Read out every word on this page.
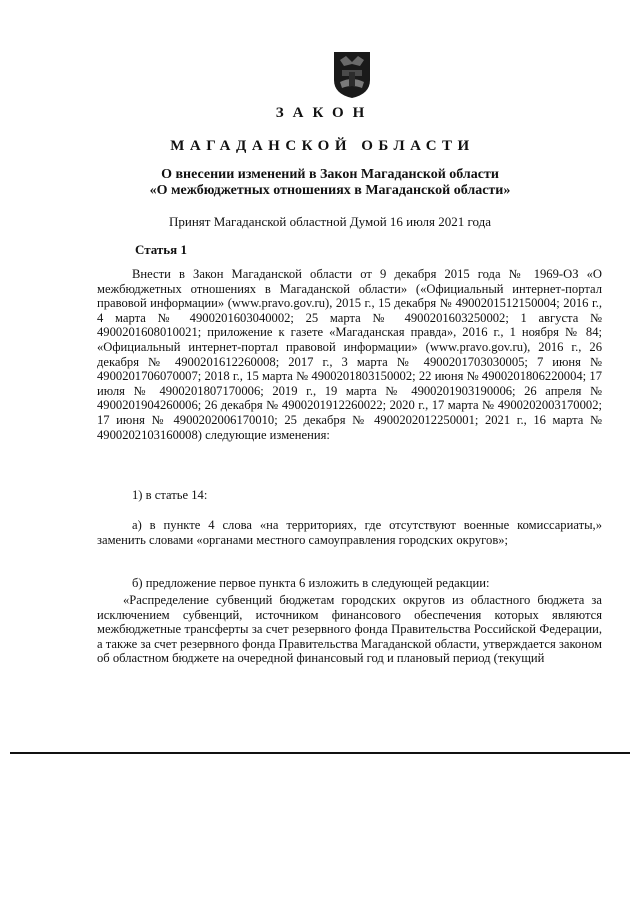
ЗАКОН
МАГАДАНСКОЙ ОБЛАСТИ
О внесении изменений в Закон Магаданской области
«О межбюджетных отношениях в Магаданской области»
Принят Магаданской областной Думой 16 июля 2021 года
Статья 1
Внести в Закон Магаданской области от 9 декабря 2015 года № 1969-ОЗ «О межбюджетных отношениях в Магаданской области» («Официальный интернет-портал правовой информации» (www.pravo.gov.ru), 2015 г., 15 декабря № 4900201512150004; 2016 г., 4 марта № 4900201603040002; 25 марта № 4900201603250002; 1 августа № 4900201608010021; приложение к газете «Магаданская правда», 2016 г., 1 ноября № 84; «Официальный интернет-портал правовой информации» (www.pravo.gov.ru), 2016 г., 26 декабря № 4900201612260008; 2017 г., 3 марта № 4900201703030005; 7 июня № 4900201706070007; 2018 г., 15 марта № 4900201803150002; 22 июня № 4900201806220004; 17 июля № 4900201807170006; 2019 г., 19 марта № 4900201903190006; 26 апреля № 4900201904260006; 26 декабря № 4900201912260022; 2020 г., 17 марта № 4900202003170002; 17 июня № 4900202006170010; 25 декабря № 4900202012250001; 2021 г., 16 марта № 4900202103160008) следующие изменения:
1) в статье 14:
а) в пункте 4 слова «на территориях, где отсутствуют военные комиссариаты,» заменить словами «органами местного самоуправления городских округов»;
б) предложение первое пункта 6 изложить в следующей редакции:
«Распределение субвенций бюджетам городских округов из областного бюджета за исключением субвенций, источником финансового обеспечения которых являются межбюджетные трансферты за счет резервного фонда Правительства Российской Федерации, а также за счет резервного фонда Правительства Магаданской области, утверждается законом об областном бюджете на очередной финансовый год и плановый период (текущий
